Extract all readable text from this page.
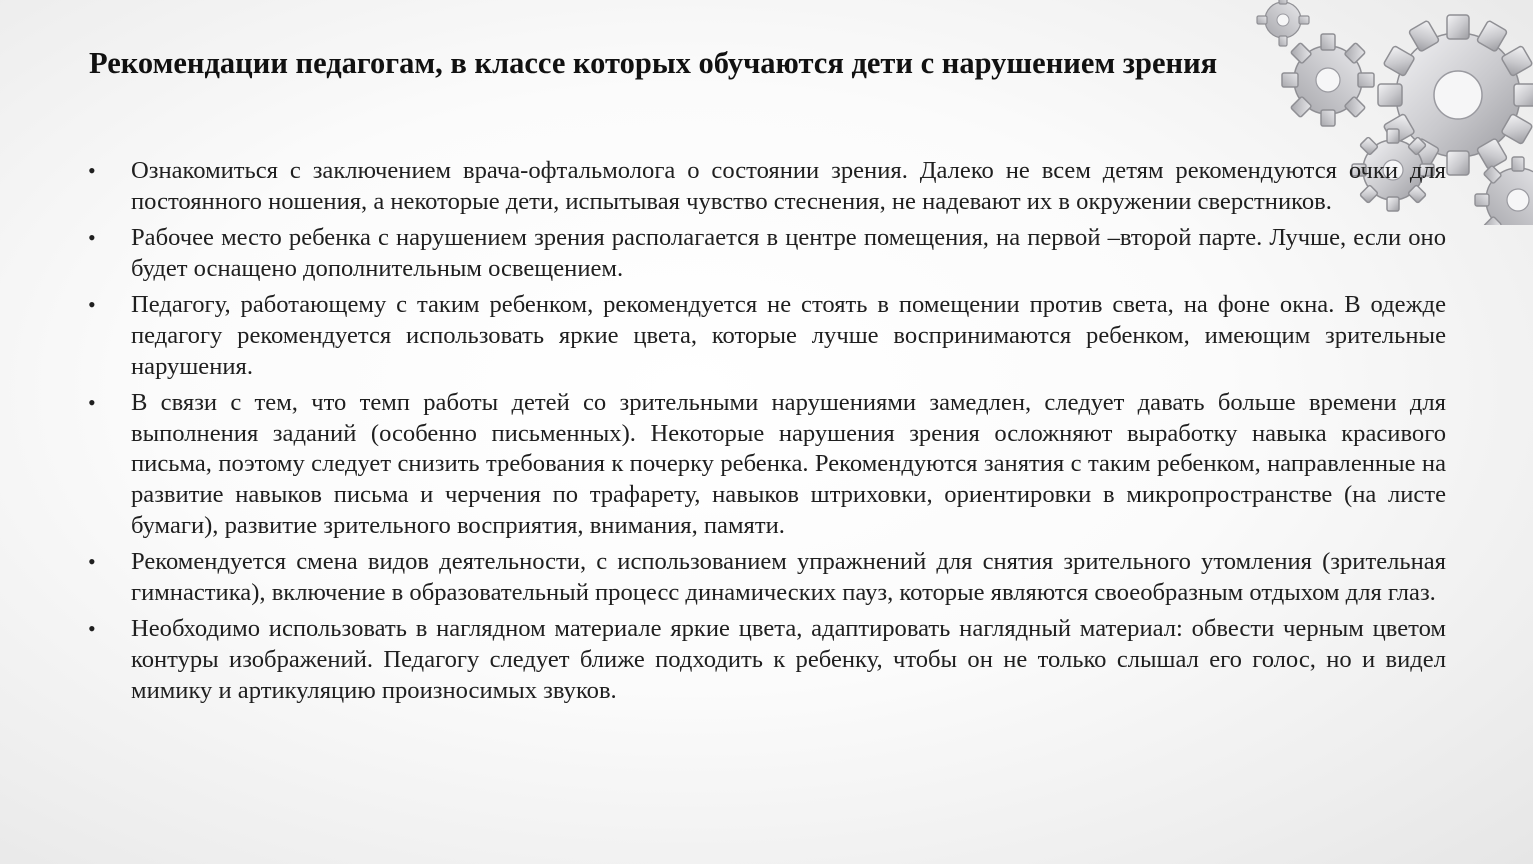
Рекомендации педагогам, в классе которых обучаются дети с нарушением зрения
•	Ознакомиться с заключением врача-офтальмолога о состоянии зрения. Далеко не всем детям рекомендуются очки для постоянного ношения, а некоторые дети, испытывая чувство стеснения, не надевают их в окружении сверстников.
•	Рабочее место ребенка с нарушением зрения располагается в центре помещения, на первой –второй парте. Лучше, если оно будет оснащено дополнительным освещением.
•	Педагогу, работающему с таким ребенком, рекомендуется не стоять в помещении против света, на фоне окна. В одежде педагогу рекомендуется использовать яркие цвета, которые лучше воспринимаются ребенком, имеющим зрительные нарушения.
•	В связи с тем, что темп работы детей со зрительными нарушениями замедлен, следует давать больше времени для выполнения заданий (особенно письменных). Некоторые нарушения зрения осложняют выработку навыка красивого письма, поэтому следует снизить требования к почерку ребенка. Рекомендуются занятия с таким ребенком, направленные на развитие навыков письма и черчения по трафарету, навыков штриховки, ориентировки в микропространстве (на листе бумаги), развитие зрительного восприятия, внимания, памяти.
•	Рекомендуется смена видов деятельности, с использованием упражнений для снятия зрительного утомления (зрительная гимнастика), включение в образовательный процесс динамических пауз, которые являются своеобразным отдыхом для глаз.
•	Необходимо использовать в наглядном материале яркие цвета, адаптировать наглядный материал: обвести черным цветом контуры изображений. Педагогу следует ближе подходить к ребенку, чтобы он не только слышал его голос, но и видел мимику и артикуляцию произносимых звуков.
